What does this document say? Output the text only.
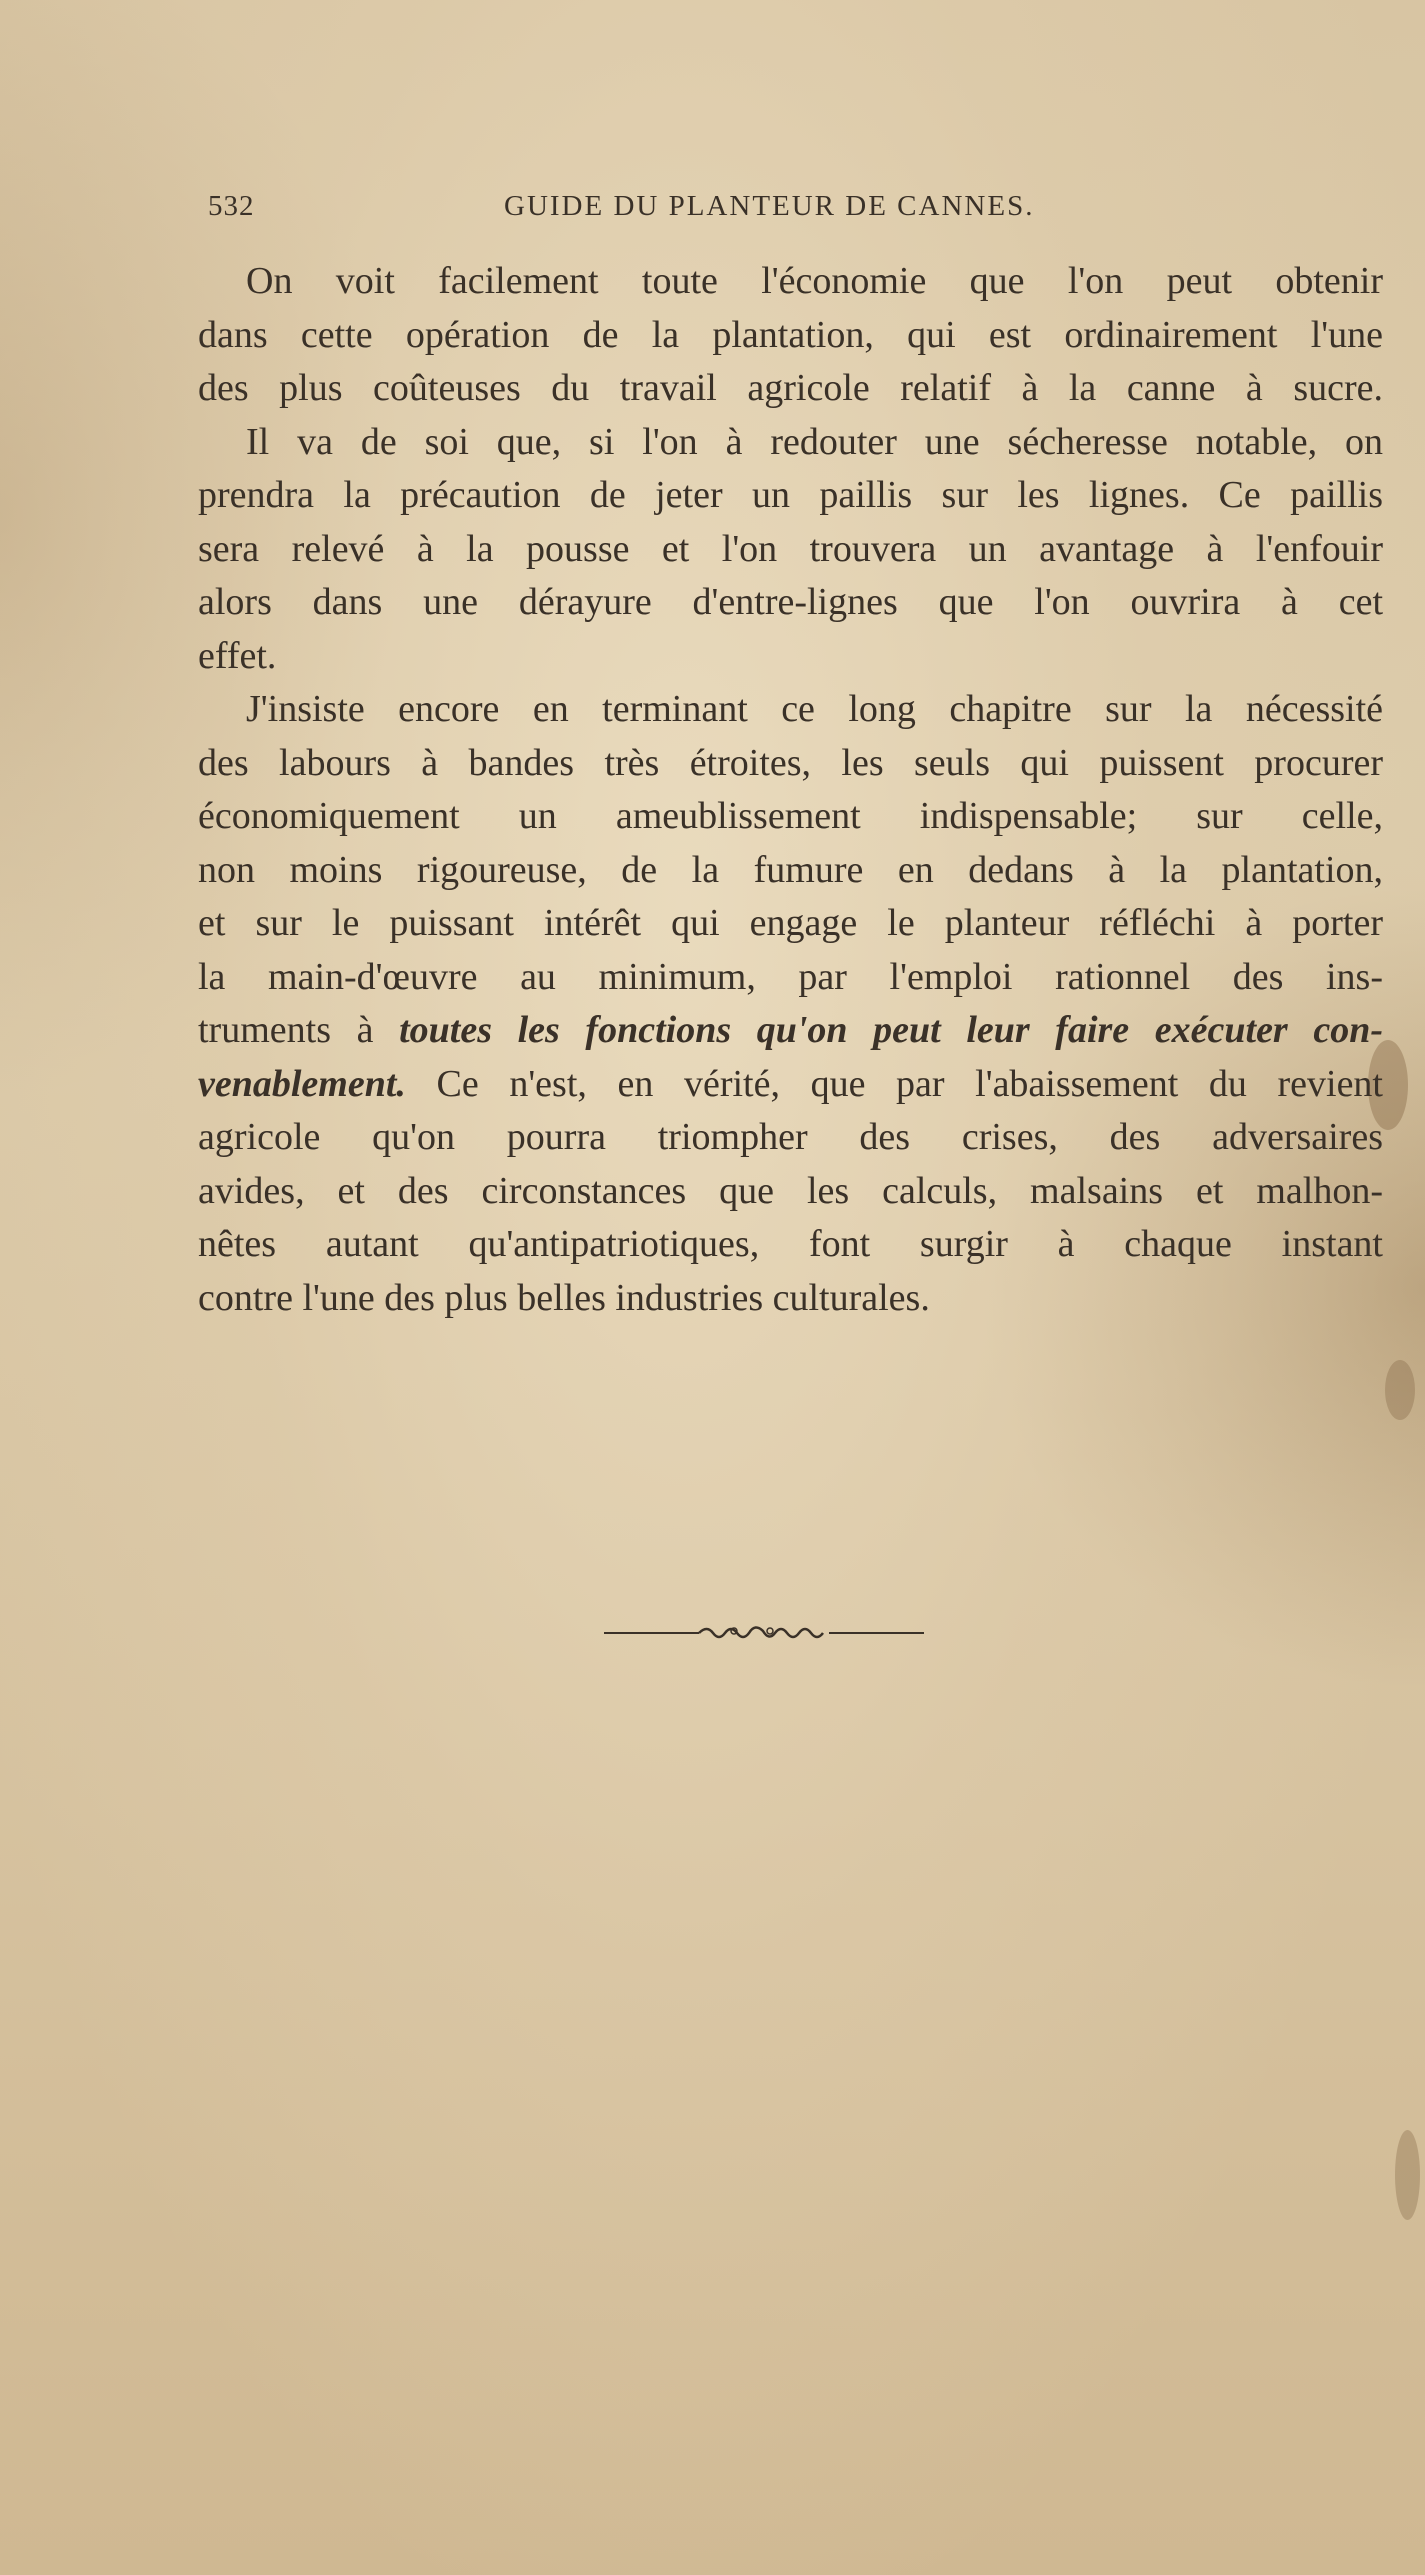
532	GUIDE DU PLANTEUR DE CANNES.
On voit facilement toute l'économie que l'on peut obtenir
dans cette opération de la plantation, qui est ordinairement l'une
des plus coûteuses du travail agricole relatif à la canne à sucre.
Il va de soi que, si l'on à redouter une sécheresse notable, on
prendra la précaution de jeter un paillis sur les lignes. Ce paillis
sera relevé à la pousse et l'on trouvera un avantage à l'enfouir
alors dans une dérayure d'entre-lignes que l'on ouvrira à cet
effet.
J'insiste encore en terminant ce long chapitre sur la nécessité
des labours à bandes très étroites, les seuls qui puissent procurer
économiquement un ameublissement indispensable; sur celle,
non moins rigoureuse, de la fumure en dedans à la plantation,
et sur le puissant intérêt qui engage le planteur réfléchi à porter
la main-d'œuvre au minimum, par l'emploi rationnel des ins-
truments à toutes les fonctions qu'on peut leur faire exécuter con-
venablement. Ce n'est, en vérité, que par l'abaissement du revient
agricole qu'on pourra triompher des crises, des adversaires
avides, et des circonstances que les calculs, malsains et malhon-
nêtes autant qu'antipatriotiques, font surgir à chaque instant
contre l'une des plus belles industries culturales.
